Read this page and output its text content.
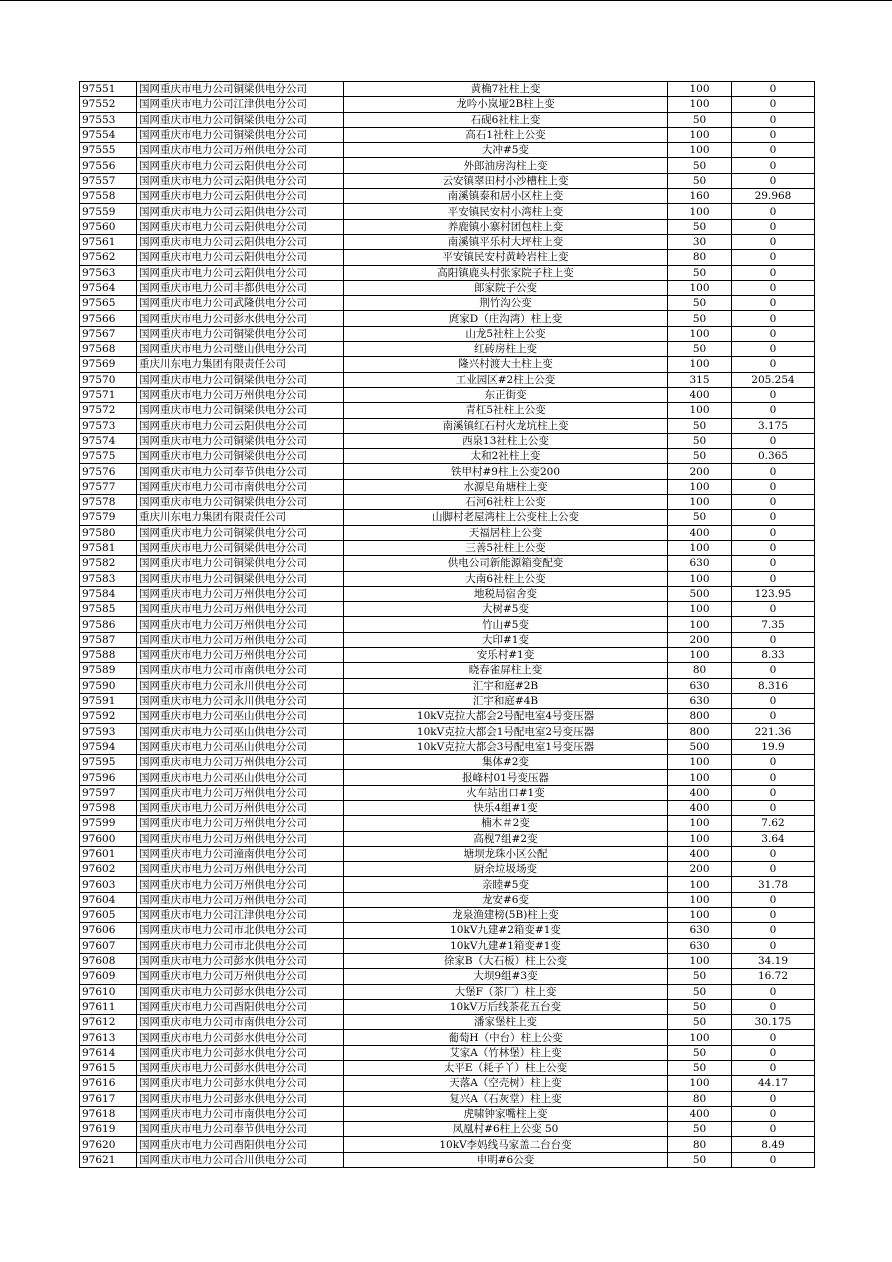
97551	国网重庆市电力公司铜梁供电分公司	黄桷7社柱上变	100	0
97552	国网重庆市电力公司江津供电分公司	龙吟小岚垭2B柱上变	100	0
97553	国网重庆市电力公司铜梁供电分公司	石砚6社柱上变	50	0
97554	国网重庆市电力公司铜梁供电分公司	高石1社柱上公变	100	0
97555	国网重庆市电力公司万州供电分公司	大冲#5变	100	0
97556	国网重庆市电力公司云阳供电分公司	外郎油房沟柱上变	50	0
97557	国网重庆市电力公司云阳供电分公司	云安镇翠田村小沙槽柱上变	50	0
97558	国网重庆市电力公司云阳供电分公司	南溪镇泰和居小区柱上变	160	29.968
97559	国网重庆市电力公司云阳供电分公司	平安镇民安村小湾柱上变	100	0
97560	国网重庆市电力公司云阳供电分公司	养鹿镇小寨村团包柱上变	50	0
97561	国网重庆市电力公司云阳供电分公司	南溪镇平乐村大坪柱上变	30	0
97562	国网重庆市电力公司云阳供电分公司	平安镇民安村黄岭岩柱上变	80	0
97563	国网重庆市电力公司云阳供电分公司	高阳镇鹿头村张家院子柱上变	50	0
97564	国网重庆市电力公司丰都供电分公司	郎家院子公变	100	0
97565	国网重庆市电力公司武隆供电分公司	荆竹沟公变	50	0
97566	国网重庆市电力公司彭水供电分公司	庹家D（庄沟湾）柱上变	50	0
97567	国网重庆市电力公司铜梁供电分公司	山龙5社柱上公变	100	0
97568	国网重庆市电力公司璧山供电分公司	红砖房柱上变	50	0
97569	重庆川东电力集团有限责任公司	隆兴村渡大土柱上变	100	0
97570	国网重庆市电力公司铜梁供电分公司	工业园区#2柱上公变	315	205.254
97571	国网重庆市电力公司万州供电分公司	东正街变	400	0
97572	国网重庆市电力公司铜梁供电分公司	青杠5社柱上公变	100	0
97573	国网重庆市电力公司云阳供电分公司	南溪镇红石村火龙坑柱上变	50	3.175
97574	国网重庆市电力公司铜梁供电分公司	西泉13社柱上公变	50	0
97575	国网重庆市电力公司铜梁供电分公司	太和2社柱上变	50	0.365
97576	国网重庆市电力公司奉节供电分公司	铁甲村#9柱上公变200	200	0
97577	国网重庆市电力公司市南供电分公司	水源皂角塘柱上变	100	0
97578	国网重庆市电力公司铜梁供电分公司	石河6社柱上公变	100	0
97579	重庆川东电力集团有限责任公司	山脚村老屋湾柱上公变柱上公变	50	0
97580	国网重庆市电力公司铜梁供电分公司	天福居柱上公变	400	0
97581	国网重庆市电力公司铜梁供电分公司	三善5社柱上公变	100	0
97582	国网重庆市电力公司铜梁供电分公司	供电公司新能源箱变配变	630	0
97583	国网重庆市电力公司铜梁供电分公司	大南6社柱上公变	100	0
97584	国网重庆市电力公司万州供电分公司	地税局宿舍变	500	123.95
97585	国网重庆市电力公司万州供电分公司	大树#5变	100	0
97586	国网重庆市电力公司万州供电分公司	竹山#5变	100	7.35
97587	国网重庆市电力公司万州供电分公司	大印#1变	200	0
97588	国网重庆市电力公司万州供电分公司	安乐村#1变	100	8.33
97589	国网重庆市电力公司市南供电分公司	晓春雀屏柱上变	80	0
97590	国网重庆市电力公司永川供电分公司	汇宇和庭#2B	630	8.316
97591	国网重庆市电力公司永川供电分公司	汇宇和庭#4B	630	0
97592	国网重庆市电力公司巫山供电分公司	10kV克拉大都会2号配电室4号变压器	800	0
97593	国网重庆市电力公司巫山供电分公司	10kV克拉大都会1号配电室2号变压器	800	221.36
97594	国网重庆市电力公司巫山供电分公司	10kV克拉大都会3号配电室1号变压器	500	19.9
97595	国网重庆市电力公司万州供电分公司	集体#2变	100	0
97596	国网重庆市电力公司巫山供电分公司	报峰村01号变压器	100	0
97597	国网重庆市电力公司万州供电分公司	火车站出口#1变	400	0
97598	国网重庆市电力公司万州供电分公司	快乐4组#1变	400	0
97599	国网重庆市电力公司万州供电分公司	楠木＃2变	100	7.62
97600	国网重庆市电力公司万州供电分公司	高枧7组#2变	100	3.64
97601	国网重庆市电力公司潼南供电分公司	塘坝龙珠小区公配	400	0
97602	国网重庆市电力公司万州供电分公司	厨余垃圾场变	200	0
97603	国网重庆市电力公司万州供电分公司	亲睦#5变	100	31.78
97604	国网重庆市电力公司万州供电分公司	龙安#6变	100	0
97605	国网重庆市电力公司江津供电分公司	龙泉渔建榜(5B)柱上变	100	0
97606	国网重庆市电力公司市北供电分公司	10kV九建#2箱变#1变	630	0
97607	国网重庆市电力公司市北供电分公司	10kV九建#1箱变#1变	630	0
97608	国网重庆市电力公司彭水供电分公司	徐家B（大石板）柱上公变	100	34.19
97609	国网重庆市电力公司万州供电分公司	大坝9组#3变	50	16.72
97610	国网重庆市电力公司彭水供电分公司	大堡F（茶厂）柱上变	50	0
97611	国网重庆市电力公司酉阳供电分公司	10kV万后线茶花五台变	50	0
97612	国网重庆市电力公司市南供电分公司	潘家堡柱上变	50	30.175
97613	国网重庆市电力公司彭水供电分公司	葡萄H（中台）柱上公变	100	0
97614	国网重庆市电力公司彭水供电分公司	艾家A（竹林堡）柱上变	50	0
97615	国网重庆市电力公司彭水供电分公司	太平E（耗子丫）柱上公变	50	0
97616	国网重庆市电力公司彭水供电分公司	天落A（空壳树）柱上变	100	44.17
97617	国网重庆市电力公司彭水供电分公司	复兴A（石灰堂）柱上变	80	0
97618	国网重庆市电力公司市南供电分公司	虎啸钟家嘴柱上变	400	0
97619	国网重庆市电力公司奉节供电分公司	凤凰村#6柱上公变 50	50	0
97620	国网重庆市电力公司酉阳供电分公司	10kV李妈线马家盖二台台变	80	8.49
97621	国网重庆市电力公司合川供电分公司	申明#6公变	50	0
